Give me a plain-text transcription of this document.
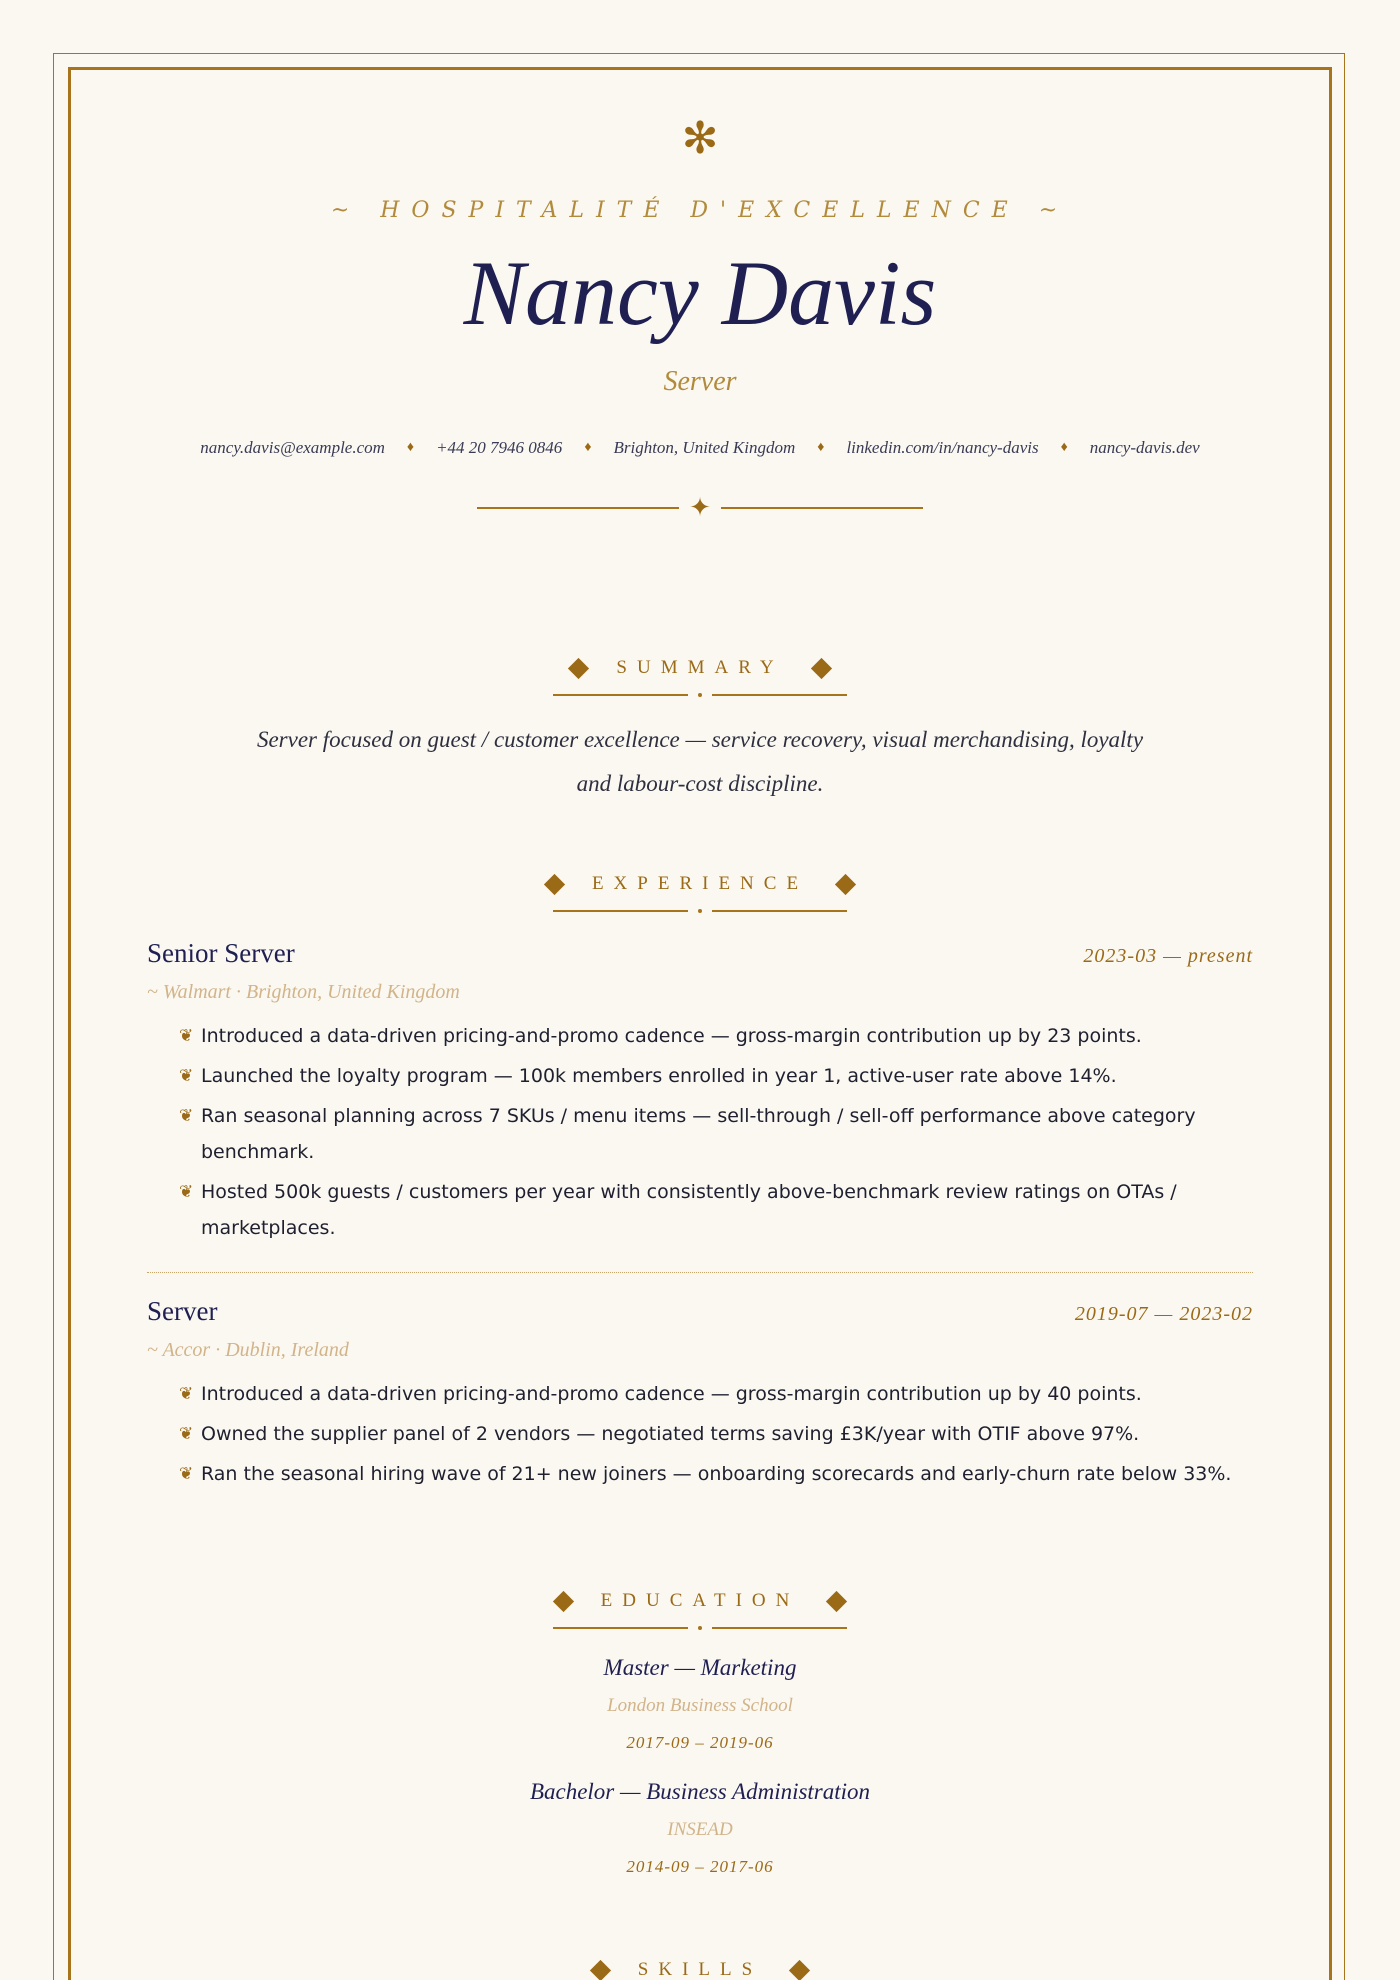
✻
~ HOSPITALITÉ D'EXCELLENCE ~
Nancy Davis
Server
nancy.davis@example.com ♦ +44 20 7946 0846 ♦ Brighton, United Kingdom ♦ linkedin.com/in/nancy-davis ♦ nancy-davis.dev
✦
SUMMARY
Server focused on guest / customer excellence — service recovery, visual merchandising, loyalty and labour-cost discipline.
EXPERIENCE
Senior Server	2023-03 — present
~ Walmart · Brighton, United Kingdom
❦ Introduced a data-driven pricing-and-promo cadence — gross-margin contribution up by 23 points.
❦ Launched the loyalty program — 100k members enrolled in year 1, active-user rate above 14%.
❦ Ran seasonal planning across 7 SKUs / menu items — sell-through / sell-off performance above category benchmark.
❦ Hosted 500k guests / customers per year with consistently above-benchmark review ratings on OTAs / marketplaces.
Server	2019-07 — 2023-02
~ Accor · Dublin, Ireland
❦ Introduced a data-driven pricing-and-promo cadence — gross-margin contribution up by 40 points.
❦ Owned the supplier panel of 2 vendors — negotiated terms saving £3K/year with OTIF above 97%.
❦ Ran the seasonal hiring wave of 21+ new joiners — onboarding scorecards and early-churn rate below 33%.
EDUCATION
Master — Marketing
London Business School
2017-09 – 2019-06
Bachelor — Business Administration
INSEAD
2014-09 – 2017-06
SKILLS
